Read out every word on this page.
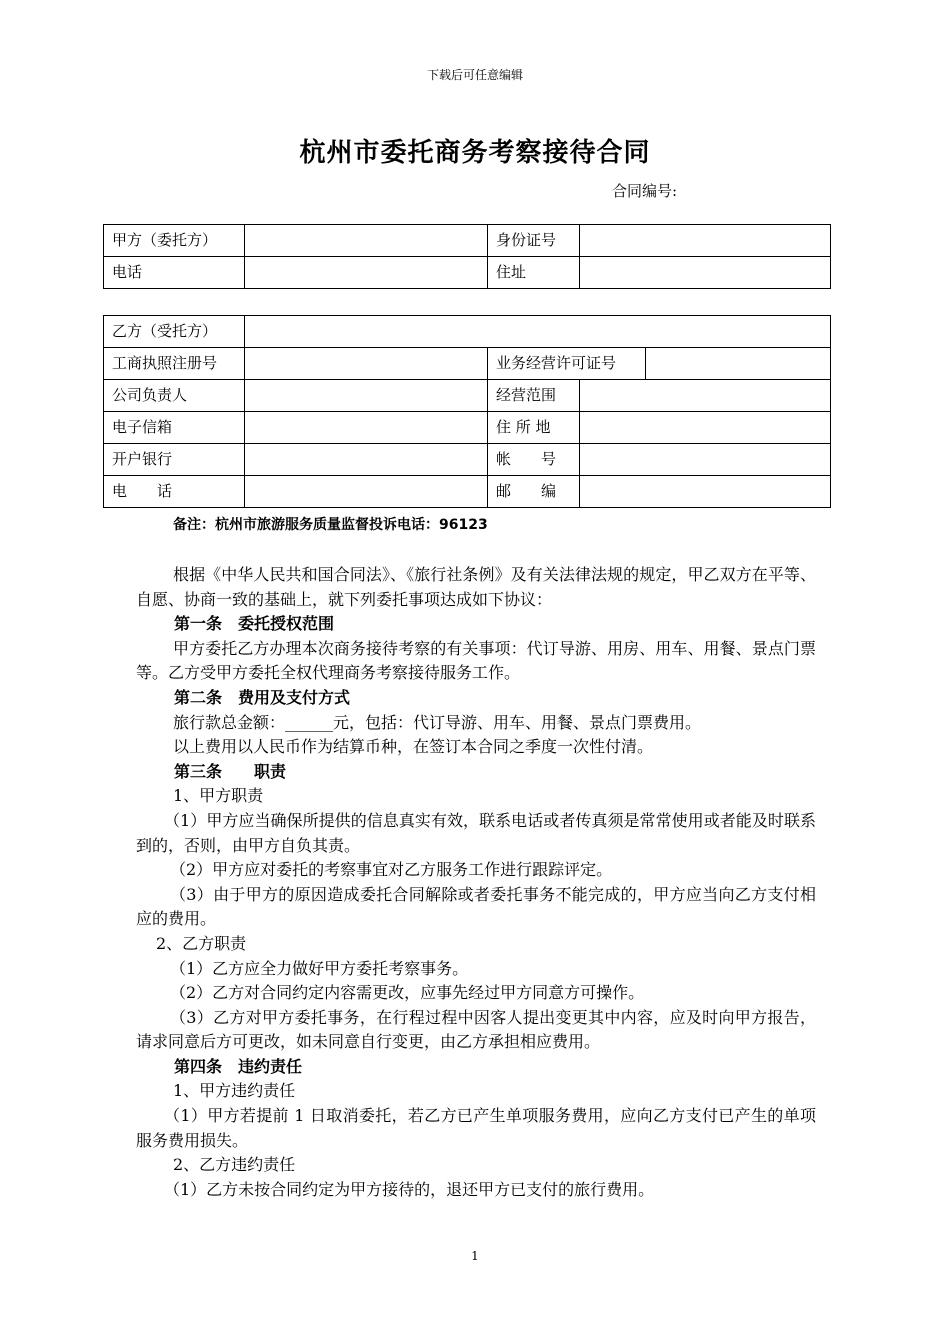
下载后可任意编辑
杭州市委托商务考察接待合同
合同编号:
甲方（委托方）		身份证号	
电话		住址	
乙方（受托方）				
工商执照注册号		业务经营许可证号		
公司负责人		经营范围		
电子信箱		住 所 地		
开户银行		帐　　号		
电　　话		邮　　编		
备注：杭州市旅游服务质量监督投诉电话：96123

根据《中华人民共和国合同法》、《旅行社条例》及有关法律法规的规定，甲乙双方在平等、自愿、协商一致的基础上，就下列委托事项达成如下协议：

第一条　委托授权范围

甲方委托乙方办理本次商务接待考察的有关事项：代订导游、用房、用车、用餐、景点门票等。乙方受甲方委托全权代理商务考察接待服务工作。

第二条　费用及支付方式

旅行款总金额：______元，包括：代订导游、用车、用餐、景点门票费用。

以上费用以人民币作为结算币种，在签订本合同之季度一次性付清。

第三条　　职责

1、甲方职责

（1）甲方应当确保所提供的信息真实有效，联系电话或者传真须是常常使用或者能及时联系到的，否则，由甲方自负其责。

（2）甲方应对委托的考察事宜对乙方服务工作进行跟踪评定。

（3）由于甲方的原因造成委托合同解除或者委托事务不能完成的，甲方应当向乙方支付相应的费用。

2、乙方职责

（1）乙方应全力做好甲方委托考察事务。

（2）乙方对合同约定内容需更改，应事先经过甲方同意方可操作。

（3）乙方对甲方委托事务，在行程过程中因客人提出变更其中内容，应及时向甲方报告，请求同意后方可更改，如未同意自行变更，由乙方承担相应费用。

第四条　违约责任

1、甲方违约责任

（1）甲方若提前 1 日取消委托，若乙方已产生单项服务费用，应向乙方支付已产生的单项服务费用损失。

2、乙方违约责任

（1）乙方未按合同约定为甲方接待的，退还甲方已支付的旅行费用。

1
